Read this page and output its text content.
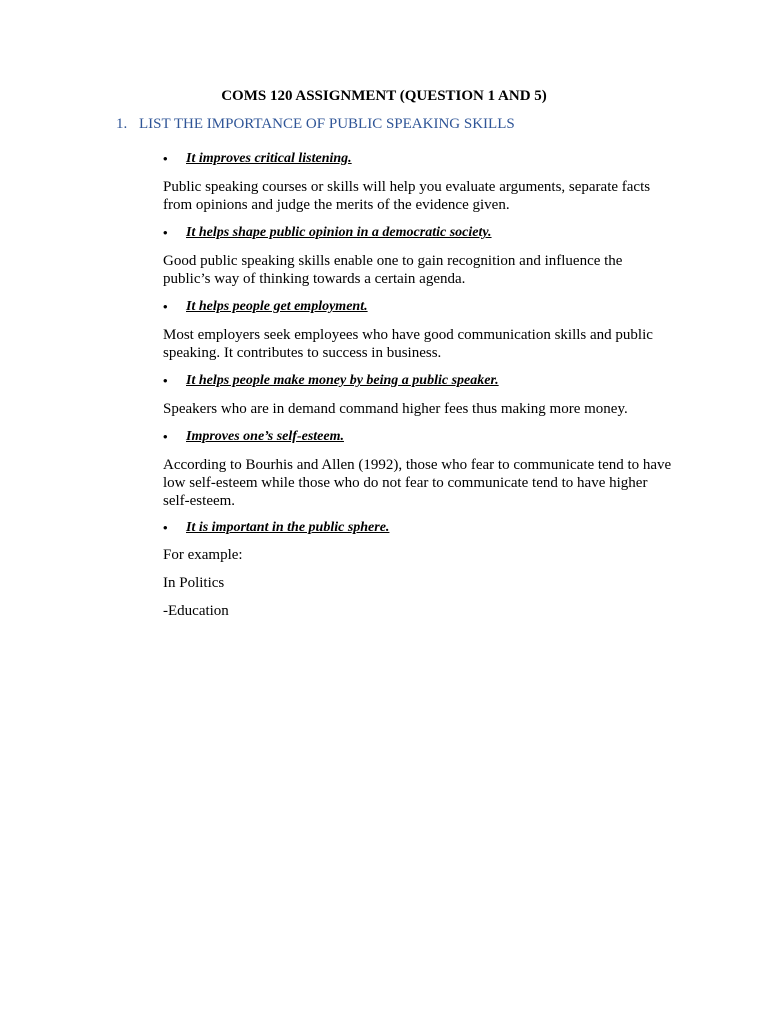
COMS 120 ASSIGNMENT (QUESTION 1 AND 5)
1. LIST THE IMPORTANCE OF PUBLIC SPEAKING SKILLS
• It improves critical listening.

Public speaking courses or skills will help you evaluate arguments, separate facts from opinions and judge the merits of the evidence given.

• It helps shape public opinion in a democratic society.

Good public speaking skills enable one to gain recognition and influence the public’s way of thinking towards a certain agenda.

• It helps people get employment.

Most employers seek employees who have good communication skills and public speaking. It contributes to success in business.

• It helps people make money by being a public speaker.

Speakers who are in demand command higher fees thus making more money.

• Improves one’s self-esteem.

According to Bourhis and Allen (1992), those who fear to communicate tend to have low self-esteem while those who do not fear to communicate tend to have higher self-esteem.

• It is important in the public sphere.

For example:

In Politics

-Education
